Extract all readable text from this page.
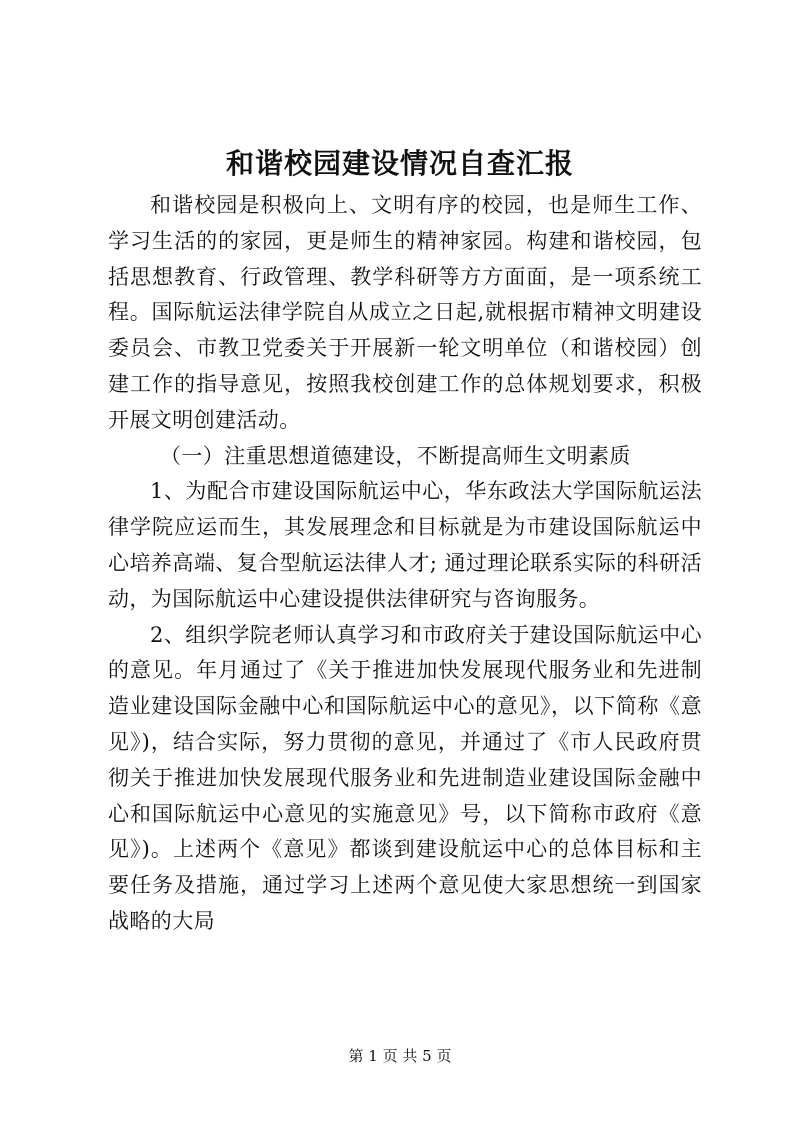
和谐校园建设情况自查汇报

和谐校园是积极向上、文明有序的校园，也是师生工作、学习生活的的家园，更是师生的精神家园。构建和谐校园，包括思想教育、行政管理、教学科研等方方面面，是一项系统工程。国际航运法律学院自从成立之日起,就根据市精神文明建设委员会、市教卫党委关于开展新一轮文明单位（和谐校园）创建工作的指导意见，按照我校创建工作的总体规划要求，积极开展文明创建活动。

（一）注重思想道德建设，不断提高师生文明素质

1、为配合市建设国际航运中心，华东政法大学国际航运法律学院应运而生，其发展理念和目标就是为市建设国际航运中心培养高端、复合型航运法律人才; 通过理论联系实际的科研活动，为国际航运中心建设提供法律研究与咨询服务。

2、组织学院老师认真学习和市政府关于建设国际航运中心的意见。年月通过了《关于推进加快发展现代服务业和先进制造业建设国际金融中心和国际航运中心的意见》，以下简称《意见》)，结合实际，努力贯彻的意见，并通过了《市人民政府贯彻关于推进加快发展现代服务业和先进制造业建设国际金融中心和国际航运中心意见的实施意见》号，以下简称市政府《意见》)。上述两个《意见》都谈到建设航运中心的总体目标和主要任务及措施，通过学习上述两个意见使大家思想统一到国家战略的大局

第 1 页 共 5 页
